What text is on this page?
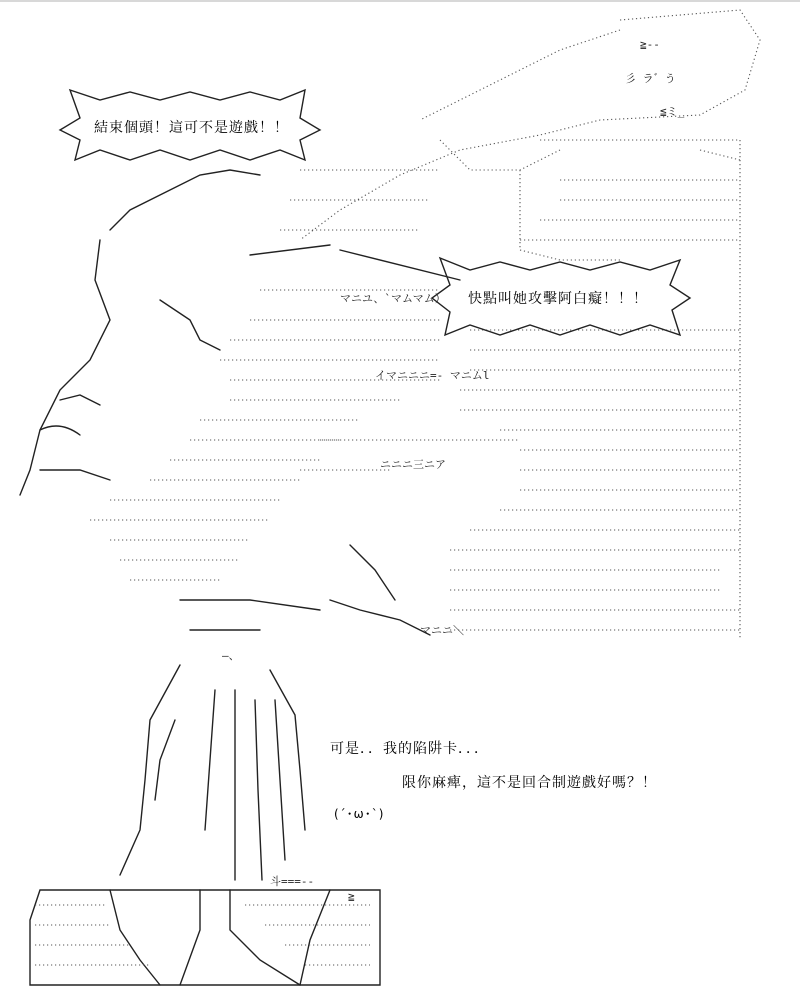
≧--
彡 ラ゛う
≦ミ_
マニユ、`マムマム）
イマニニニ=‐ マニムl
ニニニ三ニア
マニニ＼
斗===‐‐
―、
≧
結束個頭！這可不是遊戲！！
快點叫她攻擊阿白癡！！！
可是．．我的陷阱卡．．．
限你麻痺，這不是回合制遊戲好嗎？！
(´･ω･`)
